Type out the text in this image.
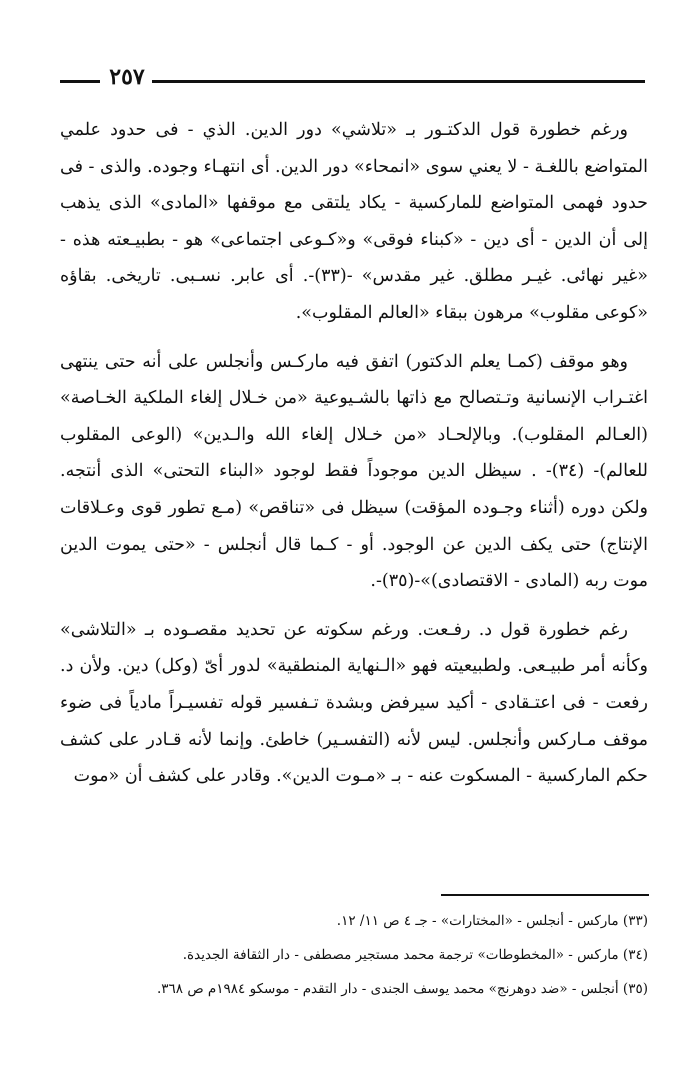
٢٥٧

ورغم خطورة قول الدكتـور بـ «تلاشي» دور الدين. الذي - فى حدود علمي المتواضع باللغـة - لا يعني سوى «انمحاء» دور الدين. أى انتهـاء وجوده. والذى - فى حدود فهمى المتواضع للماركسية - يكاد يلتقى مع موقفها «المادى» الذى يذهب إلى أن الدين - أى دين - «كبناء فوقى» و«كـوعى اجتماعى» هو - بطبيـعته هذه - «غير نهائى. غيـر مطلق. غير مقدس» -(٣٣)-. أى عابر. نسـبى. تاريخى. بقاؤه «كوعى مقلوب» مرهون ببقاء «العالم المقلوب».

وهو موقف (كمـا يعلم الدكتور) اتفق فيه ماركـس وأنجلس على أنه حتى ينتهى اغتـراب الإنسانية وتـتصالح مع ذاتها بالشـيوعية «من خـلال إلغاء الملكية الخـاصة» (العـالم المقلوب). وبالإلحـاد «من خـلال إلغاء الله والـدين» (الوعى المقلوب للعالم)- (٣٤)- . سيظل الدين موجوداً فقط لوجود «البناء التحتى» الذى أنتجه. ولكن دوره (أثناء وجـوده المؤقت) سيظل فى «تناقص» (مـع تطور قوى وعـلاقات الإنتاج) حتى يكف الدين عن الوجود. أو - كـما قال أنجلس - «حتى يموت الدين موت ربه (المادى - الاقتصادى)»-(٣٥)-.

رغم خطورة قول د. رفـعت. ورغم سكوته عن تحديد مقصـوده بـ «التلاشى» وكأنه أمر طبيـعى. ولطبيعيته فهو «الـنهاية المنطقية» لدور أىّ (وكل) دين. ولأن د. رفعت - فى اعتـقادى - أكيد سيرفض وبشدة تـفسير قوله تفسيـراً مادياً فى ضوء موقف مـاركس وأنجلس. ليس لأنه (التفسـير) خاطئ. وإنما لأنه قـادر على كشف حكم الماركسية - المسكوت عنه - بـ «مـوت الدين». وقادر على كشف أن «موت

(٣٣) ماركس - أنجلس - «المختارات» - جـ ٤ ص ١١/ ١٢.
(٣٤) ماركس - «المخطوطات» ترجمة محمد مستجير مصطفى - دار الثقافة الجديدة.
(٣٥) أنجلس - «ضد دوهرنج» محمد يوسف الجندى - دار التقدم - موسكو ١٩٨٤م ص ٣٦٨.
